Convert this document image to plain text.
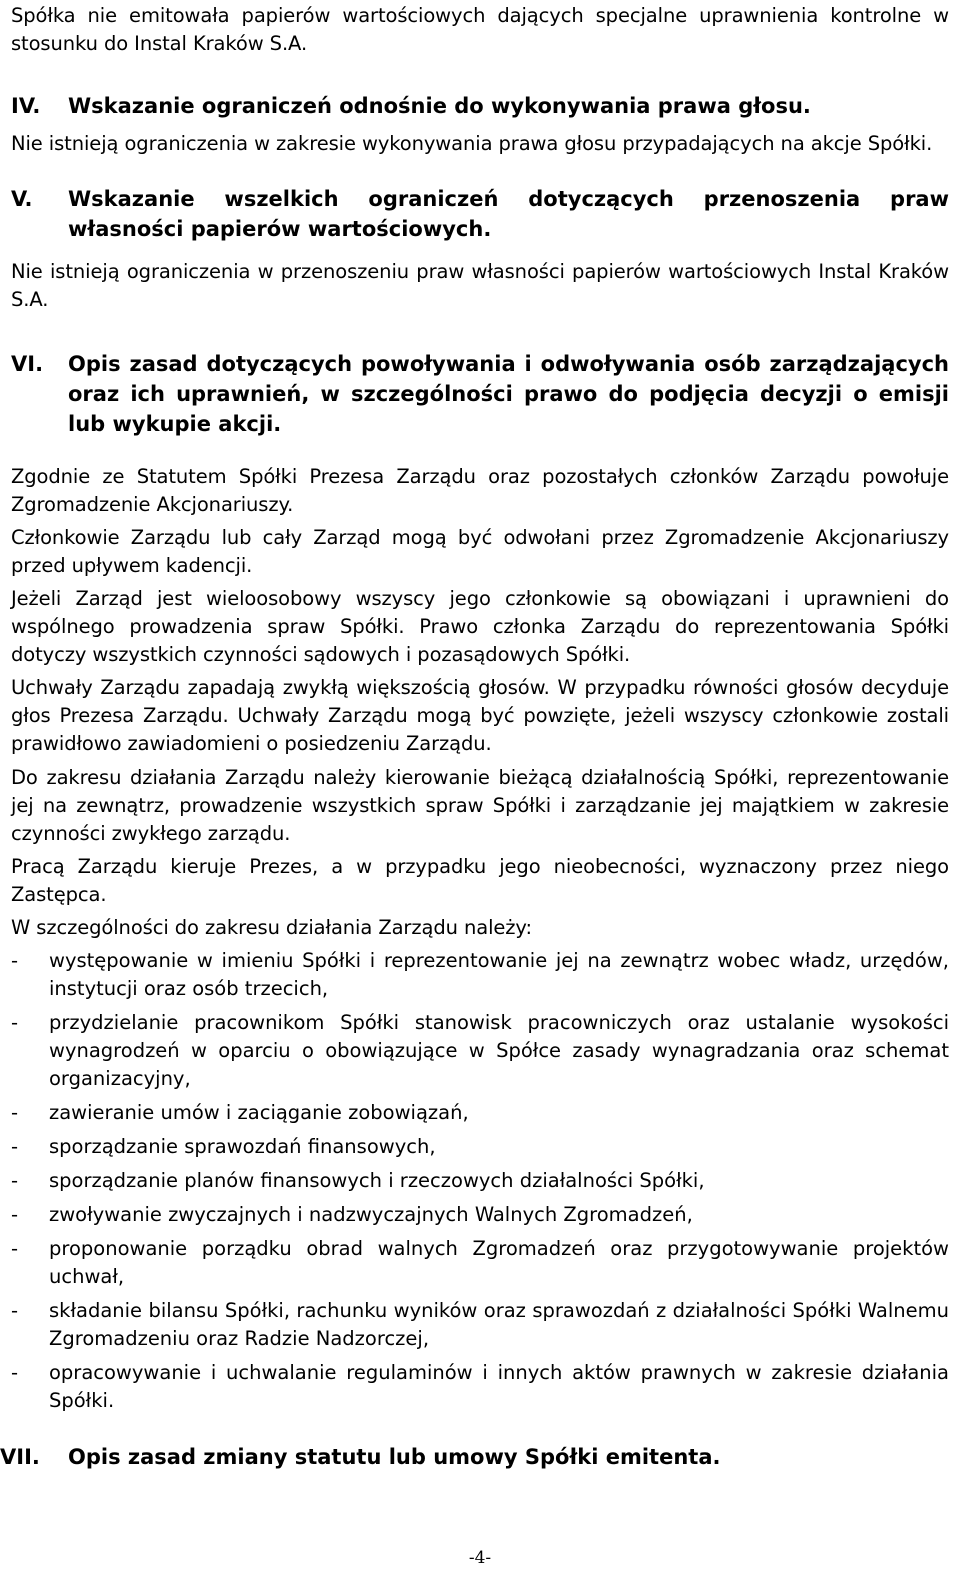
Spółka nie emitowała papierów wartościowych dających specjalne uprawnienia kontrolne w stosunku do Instal Kraków S.A.

IV.	Wskazanie ograniczeń odnośnie do wykonywania prawa głosu.

Nie istnieją ograniczenia w zakresie wykonywania prawa głosu przypadających na akcje Spółki.

V.	Wskazanie wszelkich ograniczeń dotyczących przenoszenia praw własności papierów wartościowych.

Nie istnieją ograniczenia w przenoszeniu praw własności papierów wartościowych Instal Kraków S.A.

VI.	Opis zasad dotyczących powoływania i odwoływania osób zarządzających oraz ich uprawnień, w szczególności prawo do podjęcia decyzji o emisji lub wykupie akcji.

Zgodnie ze Statutem Spółki Prezesa Zarządu oraz pozostałych członków Zarządu powołuje Zgromadzenie Akcjonariuszy.

Członkowie Zarządu lub cały Zarząd mogą być odwołani przez Zgromadzenie Akcjonariuszy przed upływem kadencji.

Jeżeli Zarząd jest wieloosobowy wszyscy jego członkowie są obowiązani i uprawnieni do wspólnego prowadzenia spraw Spółki. Prawo członka Zarządu do reprezentowania Spółki dotyczy wszystkich czynności sądowych i pozasądowych Spółki.

Uchwały Zarządu zapadają zwykłą większością głosów. W przypadku równości głosów decyduje głos Prezesa Zarządu. Uchwały Zarządu mogą być powzięte, jeżeli wszyscy członkowie zostali prawidłowo zawiadomieni o posiedzeniu Zarządu.

Do zakresu działania Zarządu należy kierowanie bieżącą działalnością Spółki, reprezentowanie jej na zewnątrz, prowadzenie wszystkich spraw Spółki i zarządzanie jej majątkiem w zakresie czynności zwykłego zarządu.

Pracą Zarządu kieruje Prezes, a w przypadku jego nieobecności, wyznaczony przez niego Zastępca.

W szczególności do zakresu działania Zarządu należy:

-	występowanie w imieniu Spółki i reprezentowanie jej na zewnątrz wobec władz, urzędów, instytucji oraz osób trzecich,
-	przydzielanie pracownikom Spółki stanowisk pracowniczych oraz ustalanie wysokości wynagrodzeń w oparciu o obowiązujące w Spółce zasady wynagradzania oraz schemat organizacyjny,
-	zawieranie umów i zaciąganie zobowiązań,
-	sporządzanie sprawozdań finansowych,
-	sporządzanie planów finansowych i rzeczowych działalności Spółki,
-	zwoływanie zwyczajnych i nadzwyczajnych Walnych Zgromadzeń,
-	proponowanie porządku obrad walnych Zgromadzeń oraz przygotowywanie projektów uchwał,
-	składanie bilansu Spółki, rachunku wyników oraz sprawozdań z działalności Spółki Walnemu Zgromadzeniu oraz Radzie Nadzorczej,
-	opracowywanie i uchwalanie regulaminów i innych aktów prawnych w zakresie działania Spółki.
VII.	Opis zasad zmiany statutu lub umowy Spółki emitenta.
-4-
